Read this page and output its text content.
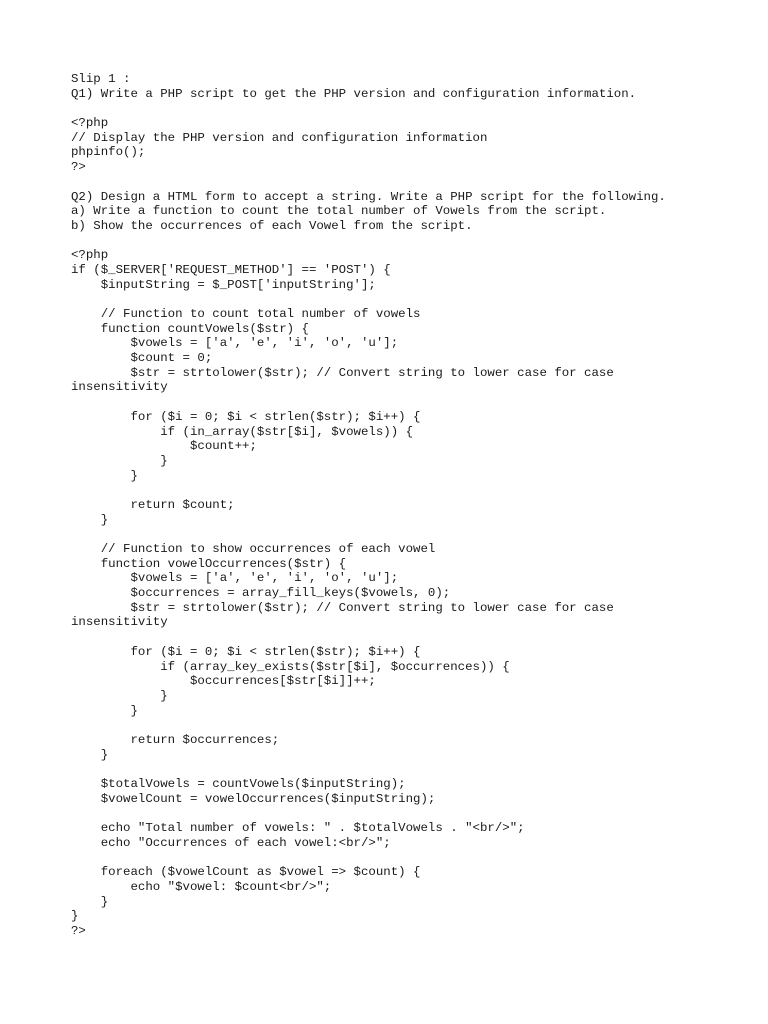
Slip 1 :
Q1) Write a PHP script to get the PHP version and configuration information.
<?php
// Display the PHP version and configuration information
phpinfo();
?>
Q2) Design a HTML form to accept a string. Write a PHP script for the following.
a) Write a function to count the total number of Vowels from the script.
b) Show the occurrences of each Vowel from the script.
<?php
if ($_SERVER['REQUEST_METHOD'] == 'POST') {
$inputString = $_POST['inputString'];
// Function to count total number of vowels
function countVowels($str) {
$vowels = ['a', 'e', 'i', 'o', 'u'];
$count = 0;
$str = strtolower($str); // Convert string to lower case for case
insensitivity
for ($i = 0; $i < strlen($str); $i++) {
if (in_array($str[$i], $vowels)) {
$count++;
}
}
return $count;
}
// Function to show occurrences of each vowel
function vowelOccurrences($str) {
$vowels = ['a', 'e', 'i', 'o', 'u'];
$occurrences = array_fill_keys($vowels, 0);
$str = strtolower($str); // Convert string to lower case for case
insensitivity
for ($i = 0; $i < strlen($str); $i++) {
if (array_key_exists($str[$i], $occurrences)) {
$occurrences[$str[$i]]++;
}
}
return $occurrences;
}
$totalVowels = countVowels($inputString);
$vowelCount = vowelOccurrences($inputString);
echo "Total number of vowels: " . $totalVowels . "<br/>";
echo "Occurrences of each vowel:<br/>";
foreach ($vowelCount as $vowel => $count) {
echo "$vowel: $count<br/>";
}
}
?>
